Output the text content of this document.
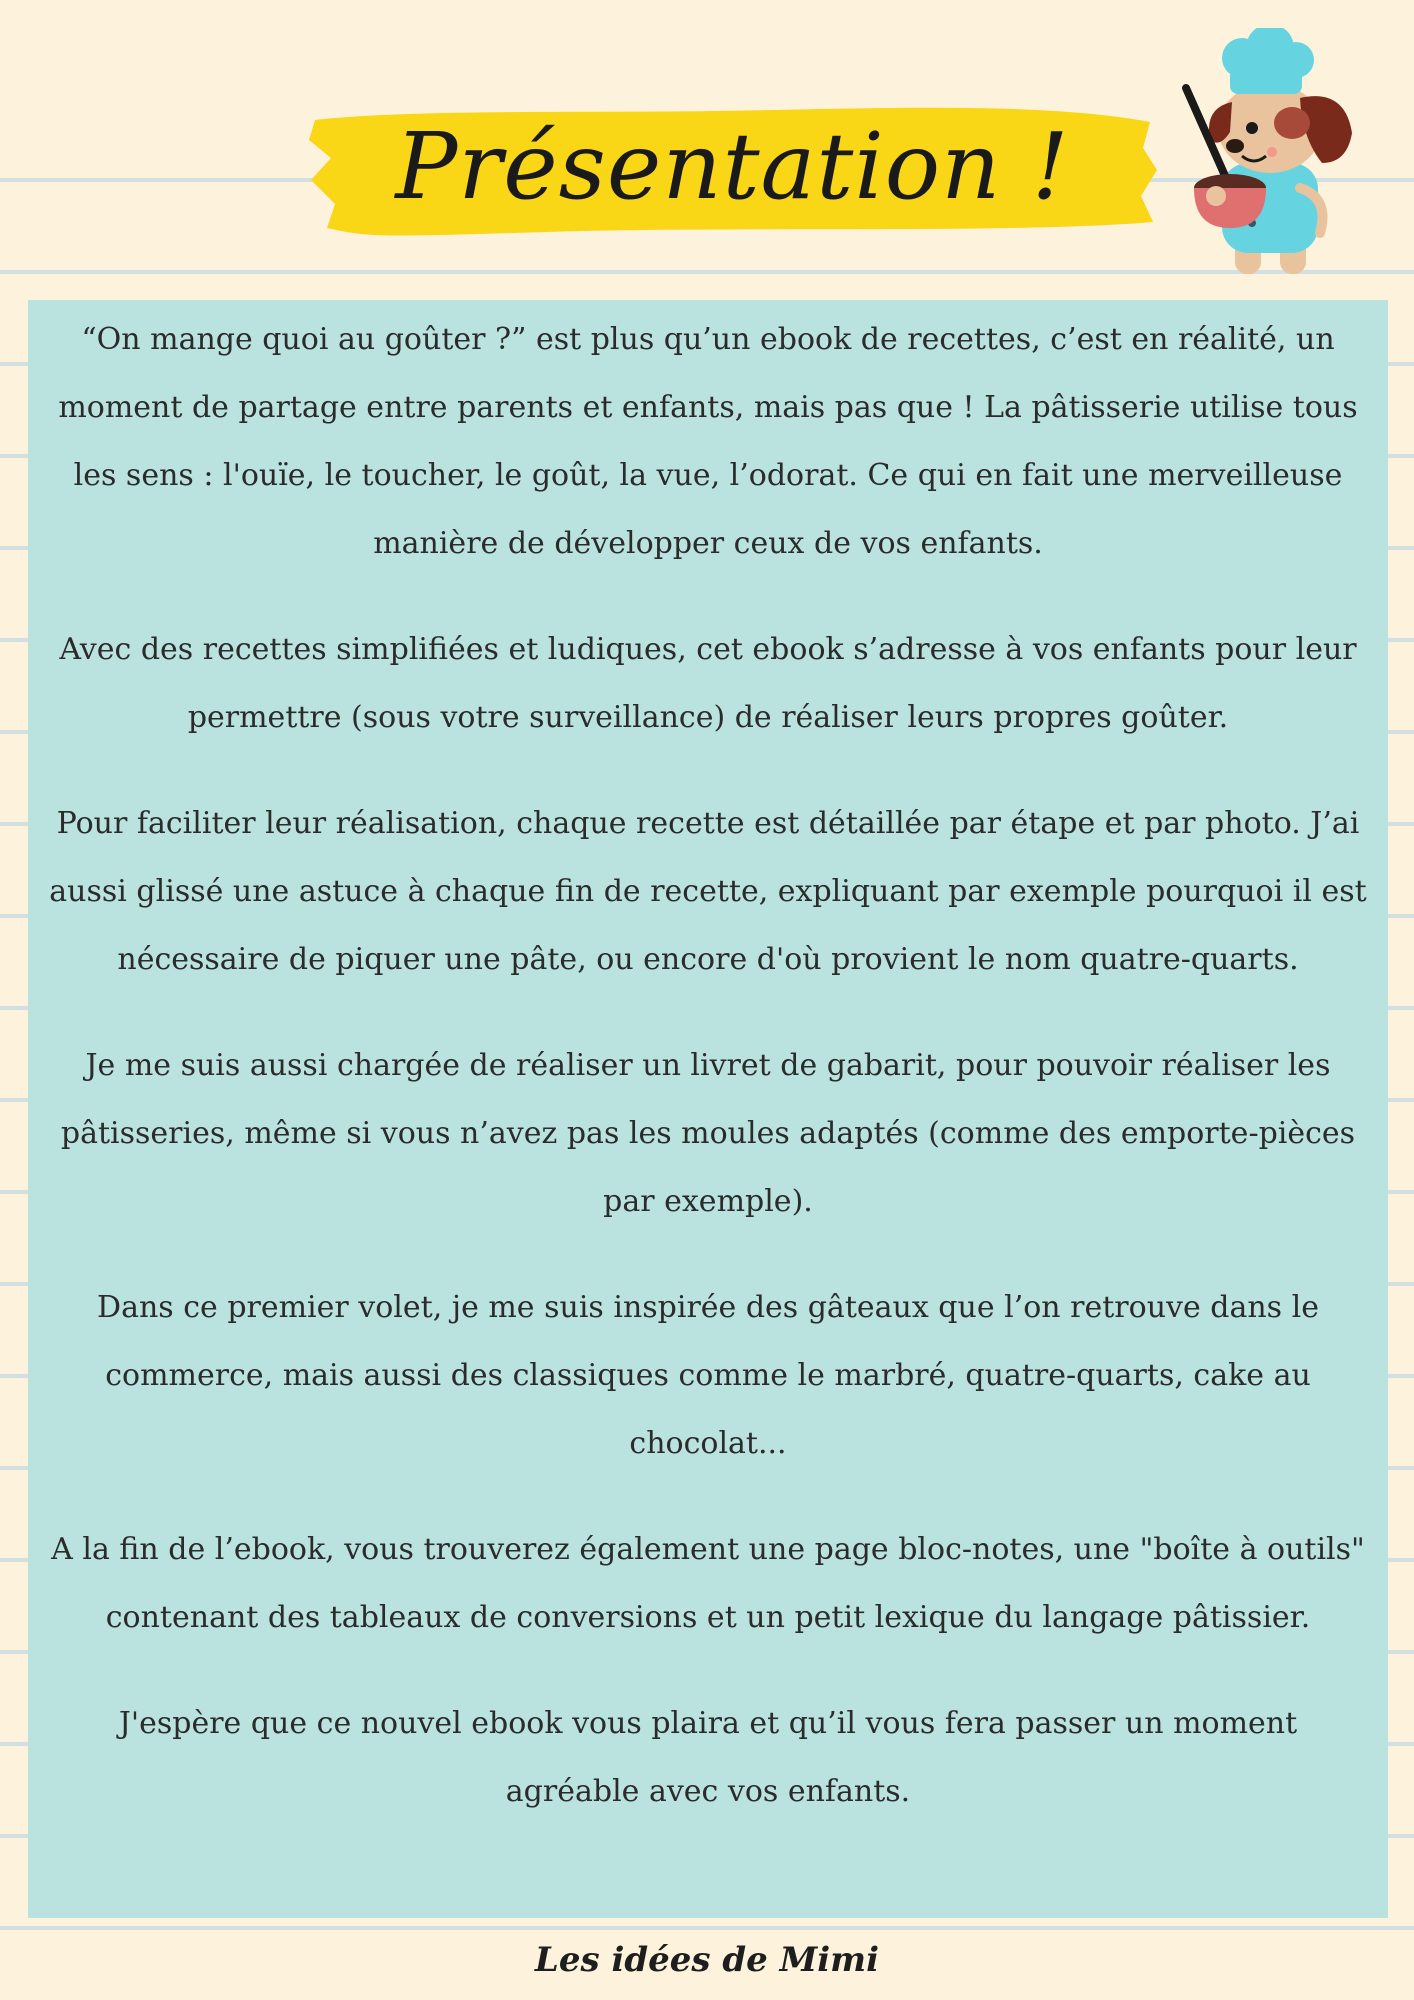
Présentation !

“On mange quoi au goûter ?” est plus qu’un ebook de recettes, c’est en réalité, un moment de partage entre parents et enfants, mais pas que ! La pâtisserie utilise tous les sens : l'ouïe, le toucher, le goût, la vue, l’odorat. Ce qui en fait une merveilleuse manière de développer ceux de vos enfants.

Avec des recettes simplifiées et ludiques, cet ebook s’adresse à vos enfants pour leur permettre (sous votre surveillance) de réaliser leurs propres goûter.

Pour faciliter leur réalisation, chaque recette est détaillée par étape et par photo. J’ai aussi glissé une astuce à chaque fin de recette, expliquant par exemple pourquoi il est nécessaire de piquer une pâte, ou encore d'où provient le nom quatre-quarts.

Je me suis aussi chargée de réaliser un livret de gabarit, pour pouvoir réaliser les pâtisseries, même si vous n’avez pas les moules adaptés (comme des emporte-pièces par exemple).

Dans ce premier volet, je me suis inspirée des gâteaux que l’on retrouve dans le commerce, mais aussi des classiques comme le marbré, quatre-quarts, cake au chocolat...

A la fin de l’ebook, vous trouverez également une page bloc-notes, une "boîte à outils" contenant des tableaux de conversions et un petit lexique du langage pâtissier.

J'espère que ce nouvel ebook vous plaira et qu’il vous fera passer un moment agréable avec vos enfants.

Les idées de Mimi
